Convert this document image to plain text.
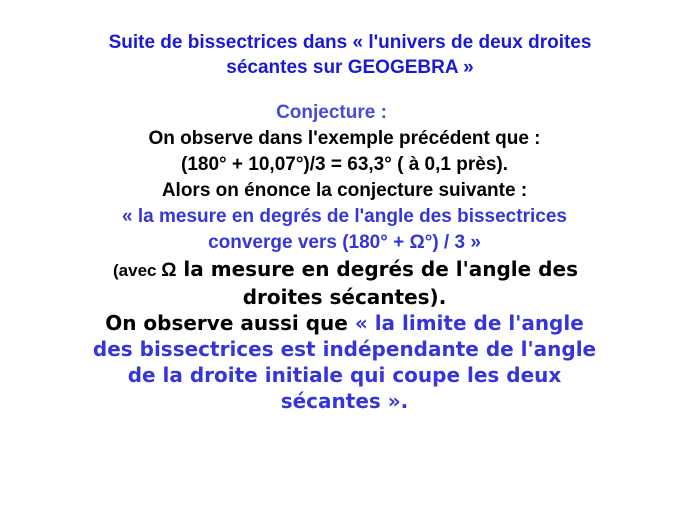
Suite de bissectrices dans « l'univers de deux droites
sécantes sur GEOGEBRA »
Conjecture :
On observe dans l'exemple précédent que :
(180° + 10,07°)/3 = 63,3° ( à 0,1 près).
Alors on énonce la conjecture suivante :
« la mesure en degrés de l'angle des bissectrices
converge vers (180° + Ω°) / 3 »
(avec Ω la mesure en degrés de l'angle des
droites sécantes).
On observe aussi que « la limite de l'angle
des bissectrices est indépendante de l'angle
de la droite initiale qui coupe les deux
sécantes ».
